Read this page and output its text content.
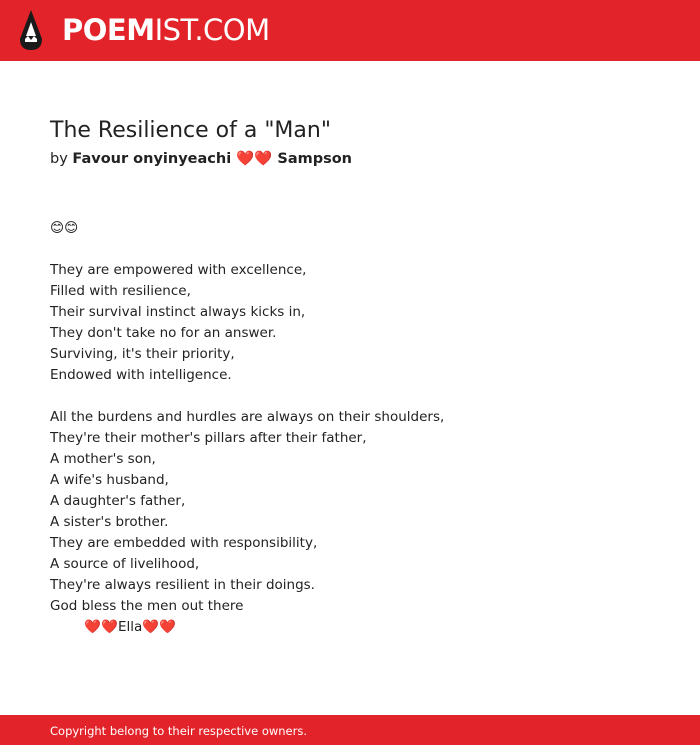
POEMIST.COM
The Resilience of a "Man"
by Favour onyinyeachi ❤️❤️ Sampson

😊😊

They are empowered with excellence,
Filled with resilience,
Their survival instinct always kicks in,
They don't take no for an answer.
Surviving, it's their priority,
Endowed with intelligence.

All the burdens and hurdles are always on their shoulders,
They're their mother's pillars after their father,
A mother's son,
A wife's husband,
A daughter's father,
A sister's brother.
They are embedded with responsibility,
A source of livelihood,
They're always resilient in their doings.
God bless the men out there
❤️❤️Ella❤️❤️

Copyright belong to their respective owners.
